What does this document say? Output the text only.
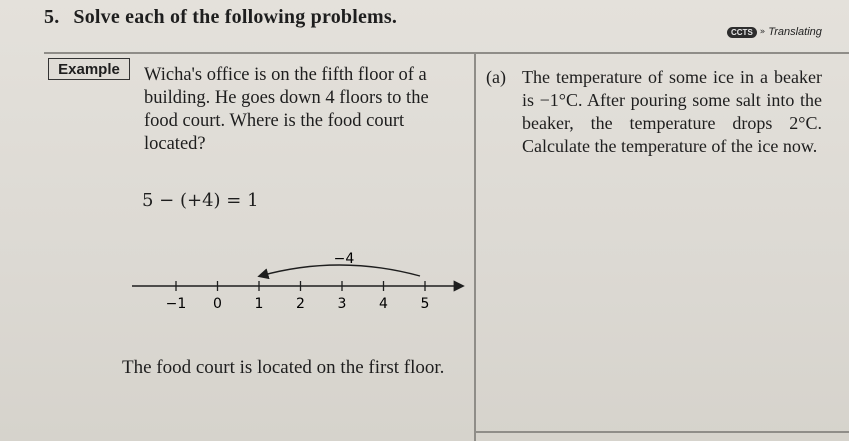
5. Solve each of the following problems.
CCTS » Translating
Example	Wicha's office is on the fifth floor of a building. He goes down 4 floors to the food court. Where is the food court located?
5 − (+4) = 1
−1 0 1 2 3 4 5
−4
The food court is located on the first floor.
(a) The temperature of some ice in a beaker is −1°C. After pouring some salt into the beaker, the temperature drops 2°C. Calculate the temperature of the ice now.
